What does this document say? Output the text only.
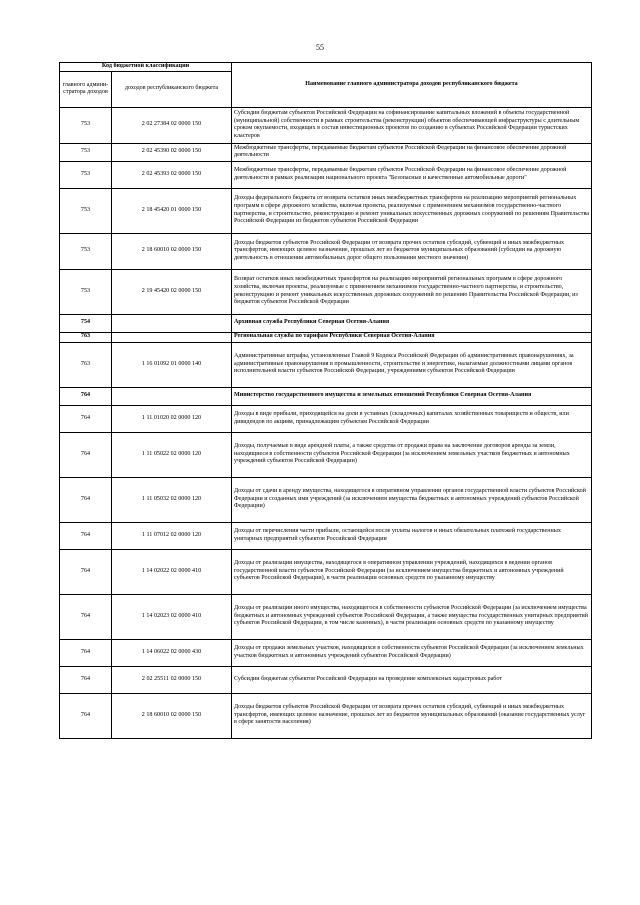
55
Код бюджетной классификации		Наименование главного администратора доходов республиканского бюджета
главного админи-стратора доходов	доходов республиканского бюджета	
753	2 02 27384 02 0000 150	Субсидии бюджетам субъектов Российской Федерации на софинансирование капитальных вложений в объекты государственной (муниципальной) собственности в рамках строительства (реконструкции) объектов обеспечивающей инфраструктуры с длительным сроком окупаемости, входящих в состав инвестиционных проектов по созданию в субъектах Российской Федерации туристских кластеров
753	2 02 45390 02 0000 150	Межбюджетные трансферты, передаваемые бюджетам субъектов Российской Федерации на финансовое обеспечение дорожной деятельности
753	2 02 45393 02 0000 150	Межбюджетные трансферты, передаваемые бюджетам субъектов Российской Федерации на финансовое обеспечение дорожной деятельности в рамках реализации национального проекта "Безопасные и качественные автомобильные дороги"
753	2 18 45420 01 0000 150	Доходы федерального бюджета от возврата остатков иных межбюджетных трансфертов на реализацию мероприятий региональных программ в сфере дорожного хозяйства, включая проекты, реализуемые с применением механизмов государственно-частного партнерства, и строительство, реконструкцию и ремонт уникальных искусственных дорожных сооружений по решениям Правительства Российской Федерации из бюджетов субъектов Российской Федерации
753	2 18 60010 02 0000 150	Доходы бюджетов субъектов Российской Федерации от возврата прочих остатков субсидий, субвенций и иных межбюджетных трансфертов, имеющих целевое назначение, прошлых лет из бюджетов муниципальных образований (субсидии на дорожную деятельность в отношении автомобильных дорог общего пользования местного значения)
753	2 19 45420 02 0000 150	Возврат остатков иных межбюджетных трансфертов на реализацию мероприятий региональных программ в сфере дорожного хозяйства, включая проекты, реализуемые с применением механизмов государственно-частного партнерства, и строительство, реконструкцию и ремонт уникальных искусственных дорожных сооружений по решению Правительства Российской Федерации, из бюджетов субъектов Российской Федерации
754		Архивная служба Республики Северная Осетия-Алания
763		Региональная служба по тарифам Республики Северная Осетия-Алания
763	1 16 01092 01 0000 140	Административные штрафы, установленные Главой 9 Кодекса Российской Федерации об административных правонарушениях, за административные правонарушения в промышленности, строительстве и энергетике, налагаемые должностными лицами органов исполнительной власти субъектов Российской Федерации, учреждениями субъектов Российской Федерации
764		Министерство государственного имущества и земельных отношений Республики Северная Осетия-Алания
764	1 11 01020 02 0000 120	Доходы в виде прибыли, приходящейся на доли в уставных (складочных) капиталах хозяйственных товариществ и обществ, или дивидендов по акциям, принадлежащим субъектам Российской Федерации
764	1 11 05022 02 0000 120	Доходы, получаемые в виде арендной платы, а также средства от продажи права на заключение договоров аренды за земли, находящиеся в собственности субъектов Российской Федерации (за исключением земельных участков бюджетных и автономных учреждений субъектов Российской Федерации)
764	1 11 05032 02 0000 120	Доходы от сдачи в аренду имущества, находящегося в оперативном управлении органов государственной власти субъектов Российской Федерации и созданных ими учреждений (за исключением имущества бюджетных и автономных учреждений субъектов Российской Федерации)
764	1 11 07012 02 0000 120	Доходы от перечисления части прибыли, остающейся после уплаты налогов и иных обязательных платежей государственных унитарных предприятий субъектов Российской Федерации
764	1 14 02022 02 0000 410	Доходы от реализации имущества, находящегося в оперативном управлении учреждений, находящихся в ведении органов государственной власти субъектов Российской Федерации (за исключением имущества бюджетных и автономных учреждений субъектов Российской Федерации), в части реализации основных средств по указанному имуществу
764	1 14 02023 02 0000 410	Доходы от реализации иного имущества, находящегося в собственности субъектов Российской Федерации (за исключением имущества бюджетных и автономных учреждений субъектов Российской Федерации, а также имущества государственных унитарных предприятий субъектов Российской Федерации, в том числе казенных), в части реализации основных средств по указанному имуществу
764	1 14 06022 02 0000 430	Доходы от продажи земельных участков, находящихся в собственности субъектов Российской Федерации (за исключением земельных участков бюджетных и автономных учреждений субъектов Российской Федерации)
764	2 02 25511 02 0000 150	Субсидии бюджетам субъектов Российской Федерации на проведение комплексных кадастровых работ
764	2 18 60010 02 0000 150	Доходы бюджетов субъектов Российской Федерации от возврата прочих остатков субсидий, субвенций и иных межбюджетных трансфертов, имеющих целевое назначение, прошлых лет из бюджетов муниципальных образований (оказание государственных услуг в сфере занятости населения)
